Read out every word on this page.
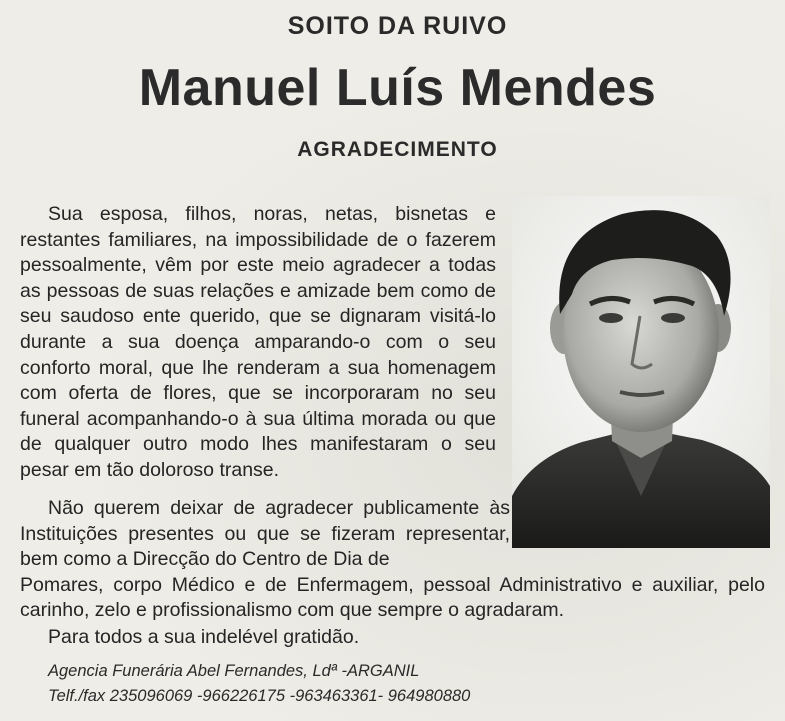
SOITO DA RUIVO
Manuel Luís Mendes
AGRADECIMENTO
Sua esposa, filhos, noras, netas, bisnetas e restantes familiares, na impossibilidade de o fazerem pessoalmente, vêm por este meio agradecer a todas as pessoas de suas relações e amizade bem como de seu saudoso ente querido, que se dignaram visitá-lo durante a sua doença amparando-o com o seu conforto moral, que lhe renderam a sua homenagem com oferta de flores, que se incorporaram no seu funeral acompanhando-o à sua última morada ou que de qualquer outro modo lhes manifestaram o seu pesar em tão doloroso transe.
Não querem deixar de agradecer publicamente às Instituições presentes ou que se fizeram representar, bem como a Direcção do Centro de Dia de
Pomares, corpo Médico e de Enfermagem, pessoal Administrativo e auxiliar, pelo carinho, zelo e profissionalismo com que sempre o agradaram.
Para todos a sua indelével gratidão.
Agencia Funerária Abel Fernandes, Ldª -ARGANIL
Telf./fax 235096069 -966226175 -963463361- 964980880
